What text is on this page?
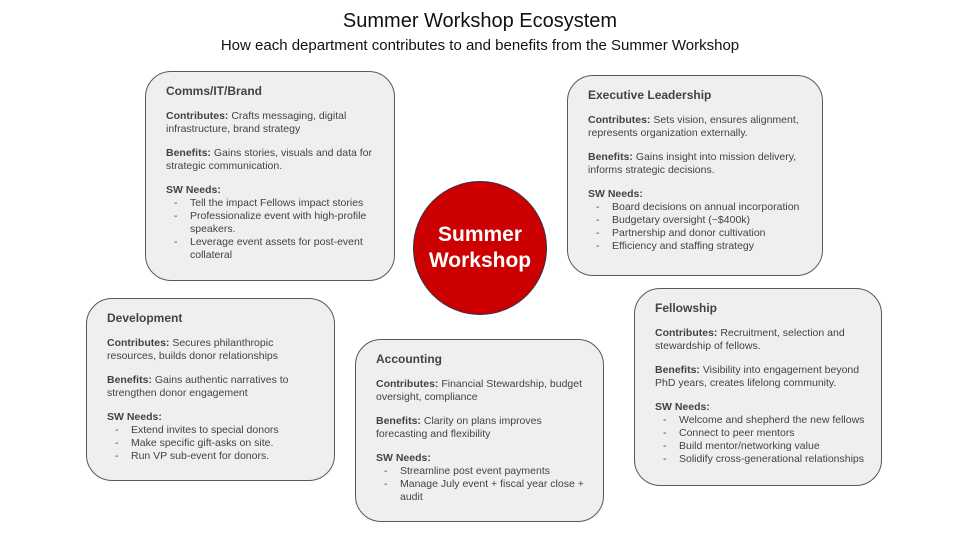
Summer Workshop Ecosystem
How each department contributes to and benefits from the Summer Workshop
Summer
Workshop
Comms/IT/Brand
Contributes: Crafts messaging, digital infrastructure, brand strategy
Benefits: Gains stories, visuals and data for strategic communication.
SW Needs:
- Tell the impact Fellows impact stories
- Professionalize event with high-profile speakers.
- Leverage event assets for post-event collateral
Executive Leadership
Contributes: Sets vision, ensures alignment, represents organization externally.
Benefits: Gains insight into mission delivery, informs strategic decisions.
SW Needs:
- Board decisions on annual incorporation
- Budgetary oversight (~$400k)
- Partnership and donor cultivation
- Efficiency and staffing strategy
Development
Contributes: Secures philanthropic resources, builds donor relationships
Benefits: Gains authentic narratives to strengthen donor engagement
SW Needs:
- Extend invites to special donors
- Make specific gift-asks on site.
- Run VP sub-event for donors.
Accounting
Contributes: Financial Stewardship, budget oversight, compliance
Benefits: Clarity on plans improves forecasting and flexibility
SW Needs:
- Streamline post event payments
- Manage July event + fiscal year close + audit
Fellowship
Contributes: Recruitment, selection and stewardship of fellows.
Benefits: Visibility into engagement beyond PhD years, creates lifelong community.
SW Needs:
- Welcome and shepherd the new fellows
- Connect to peer mentors
- Build mentor/networking value
- Solidify cross-generational relationships
